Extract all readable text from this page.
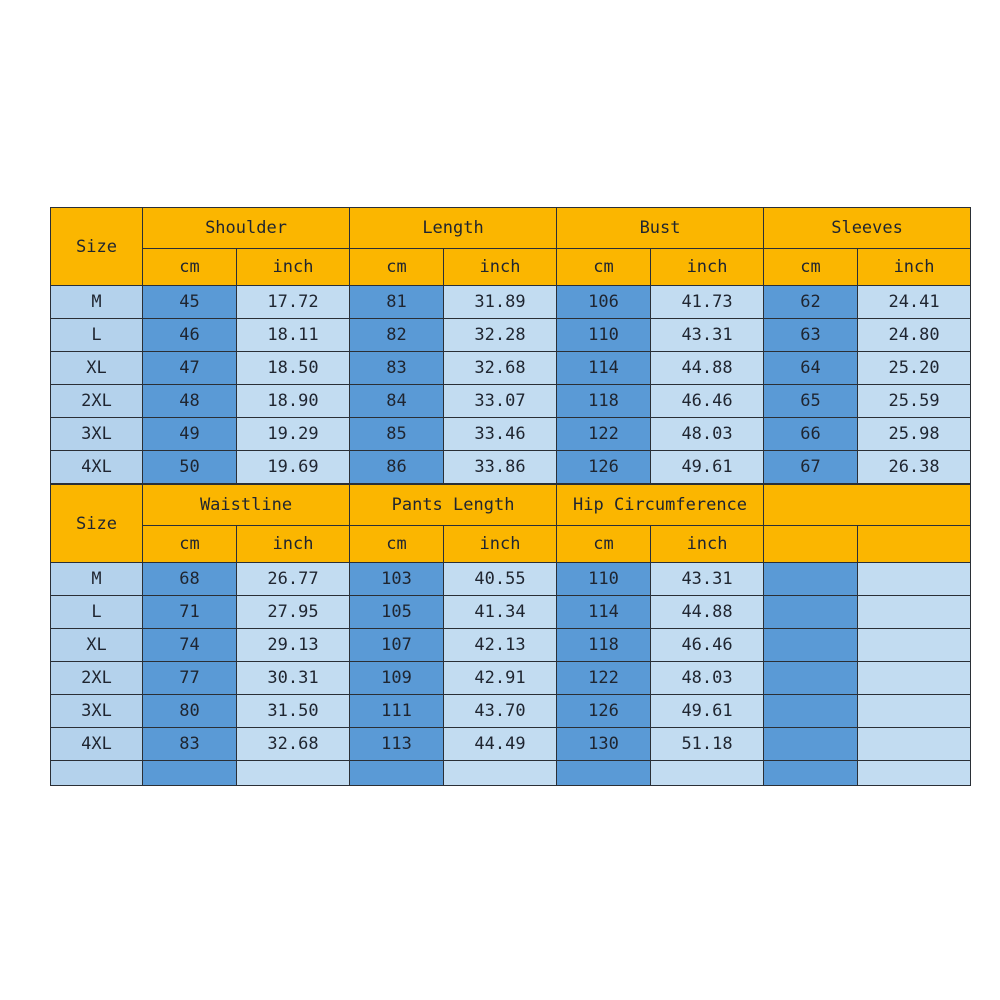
Size	Shoulder		Length		Bust		Sleeves	
	cm	inch	cm	inch	cm	inch	cm	inch
M	45	17.72	81	31.89	106	41.73	62	24.41
L	46	18.11	82	32.28	110	43.31	63	24.80
XL	47	18.50	83	32.68	114	44.88	64	25.20
2XL	48	18.90	84	33.07	118	46.46	65	25.59
3XL	49	19.29	85	33.46	122	48.03	66	25.98
4XL	50	19.69	86	33.86	126	49.61	67	26.38
Size	Waistline		Pants Length		Hip Circumference			
	cm	inch	cm	inch	cm	inch		
M	68	26.77	103	40.55	110	43.31		
L	71	27.95	105	41.34	114	44.88		
XL	74	29.13	107	42.13	118	46.46		
2XL	77	30.31	109	42.91	122	48.03		
3XL	80	31.50	111	43.70	126	49.61		
4XL	83	32.68	113	44.49	130	51.18		
